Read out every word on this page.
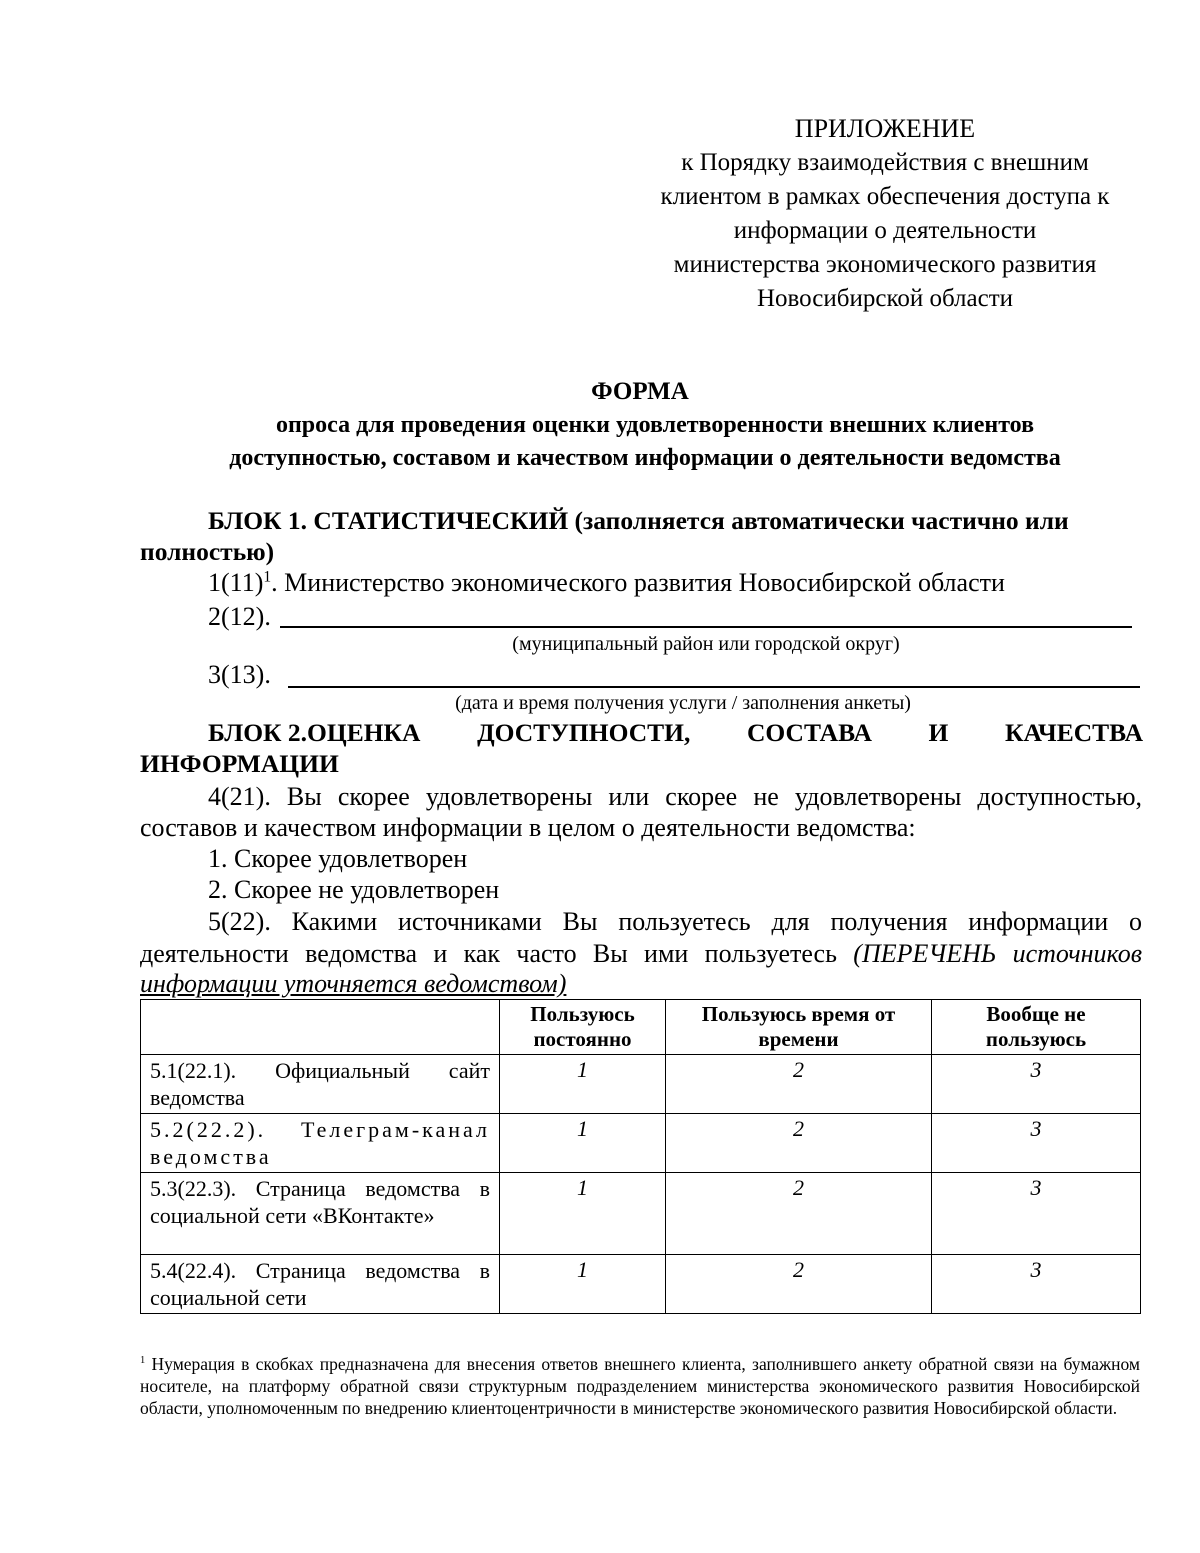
ПРИЛОЖЕНИЕ
к Порядку взаимодействия с внешним
клиентом в рамках обеспечения доступа к
информации о деятельности
министерства экономического развития
Новосибирской области
ФОРМА
опроса для проведения оценки удовлетворенности внешних клиентов
доступностью, составом и качеством информации о деятельности ведомства
БЛОК 1. СТАТИСТИЧЕСКИЙ (заполняется автоматически частично или
полностью)
$1(11)^1$. Министерство экономического развития Новосибирской области
2(12).
(муниципальный район или городской округ)
3(13).
(дата и время получения услуги / заполнения анкеты)
БЛОК 2.ОЦЕНКА ДОСТУПНОСТИ, СОСТАВА И КАЧЕСТВА
ИНФОРМАЦИИ
4(21). Вы скорее удовлетворены или скорее не удовлетворены доступностью,
составов и качеством информации в целом о деятельности ведомства:
1. Скорее удовлетворен
2. Скорее не удовлетворен
5(22). Какими источниками Вы пользуетесь для получения информации о
деятельности ведомства и как часто Вы ими пользуетесь (ПЕРЕЧЕНЬ источников
информации уточняется ведомством)
	Пользуюсь постоянно	Пользуюсь время от времени	Вообще не пользуюсь
5.1(22.1). Официальный сайт ведомства	1	2	3
5.2(22.2). Телеграм-канал ведомства	1	2	3
5.3(22.3). Страница ведомства в социальной сети «ВКонтакте»	1	2	3
5.4(22.4). Страница ведомства в социальной сети	1	2	3
$^1$ Нумерация в скобках предназначена для внесения ответов внешнего клиента, заполнившего анкету обратной связи на бумажном носителе, на платформу обратной связи структурным подразделением министерства экономического развития Новосибирской области, уполномоченным по внедрению клиентоцентричности в министерстве экономического развития Новосибирской области.
